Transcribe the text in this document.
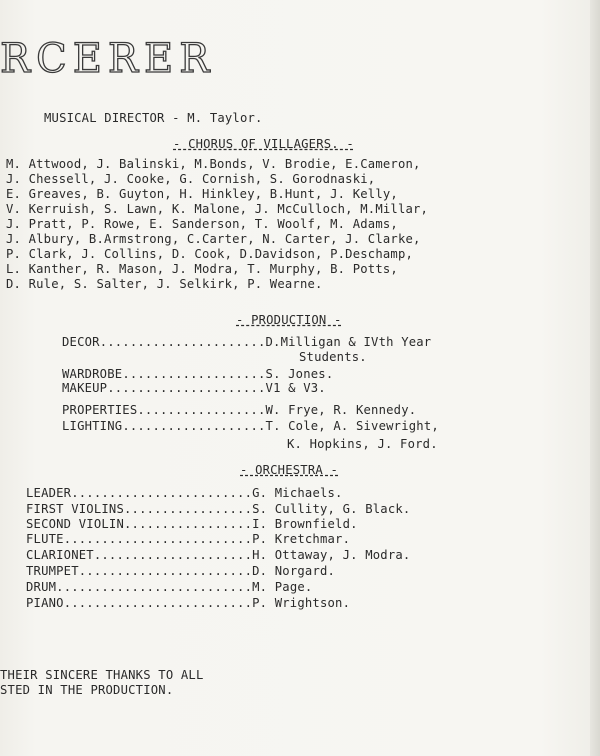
RCERER
MUSICAL DIRECTOR - M. Taylor.
- CHORUS OF VILLAGERS. -
M. Attwood, J. Balinski, M.Bonds, V. Brodie, E.Cameron,
J. Chessell, J. Cooke, G. Cornish, S. Gorodnaski,
E. Greaves, B. Guyton, H. Hinkley, B.Hunt, J. Kelly,
V. Kerruish, S. Lawn, K. Malone, J. McCulloch, M.Millar,
J. Pratt, P. Rowe, E. Sanderson, T. Woolf, M. Adams,
J. Albury, B.Armstrong, C.Carter, N. Carter, J. Clarke,
P. Clark, J. Collins, D. Cook, D.Davidson, P.Deschamp,
L. Kanther, R. Mason, J. Modra, T. Murphy, B. Potts,
D. Rule, S. Salter, J. Selkirk, P. Wearne.
- PRODUCTION -
DECOR......................D.Milligan & IVth Year
Students.
WARDROBE...................S. Jones.
MAKEUP.....................V1 & V3.
PROPERTIES.................W. Frye, R. Kennedy.
LIGHTING...................T. Cole, A. Sivewright,
K. Hopkins, J. Ford.
- ORCHESTRA -
LEADER........................G. Michaels.
FIRST VIOLINS.................S. Cullity, G. Black.
SECOND VIOLIN.................I. Brownfield.
FLUTE.........................P. Kretchmar.
CLARIONET.....................H. Ottaway, J. Modra.
TRUMPET.......................D. Norgard.
DRUM..........................M. Page.
PIANO.........................P. Wrightson.
THEIR SINCERE THANKS TO ALL
STED IN THE PRODUCTION.
